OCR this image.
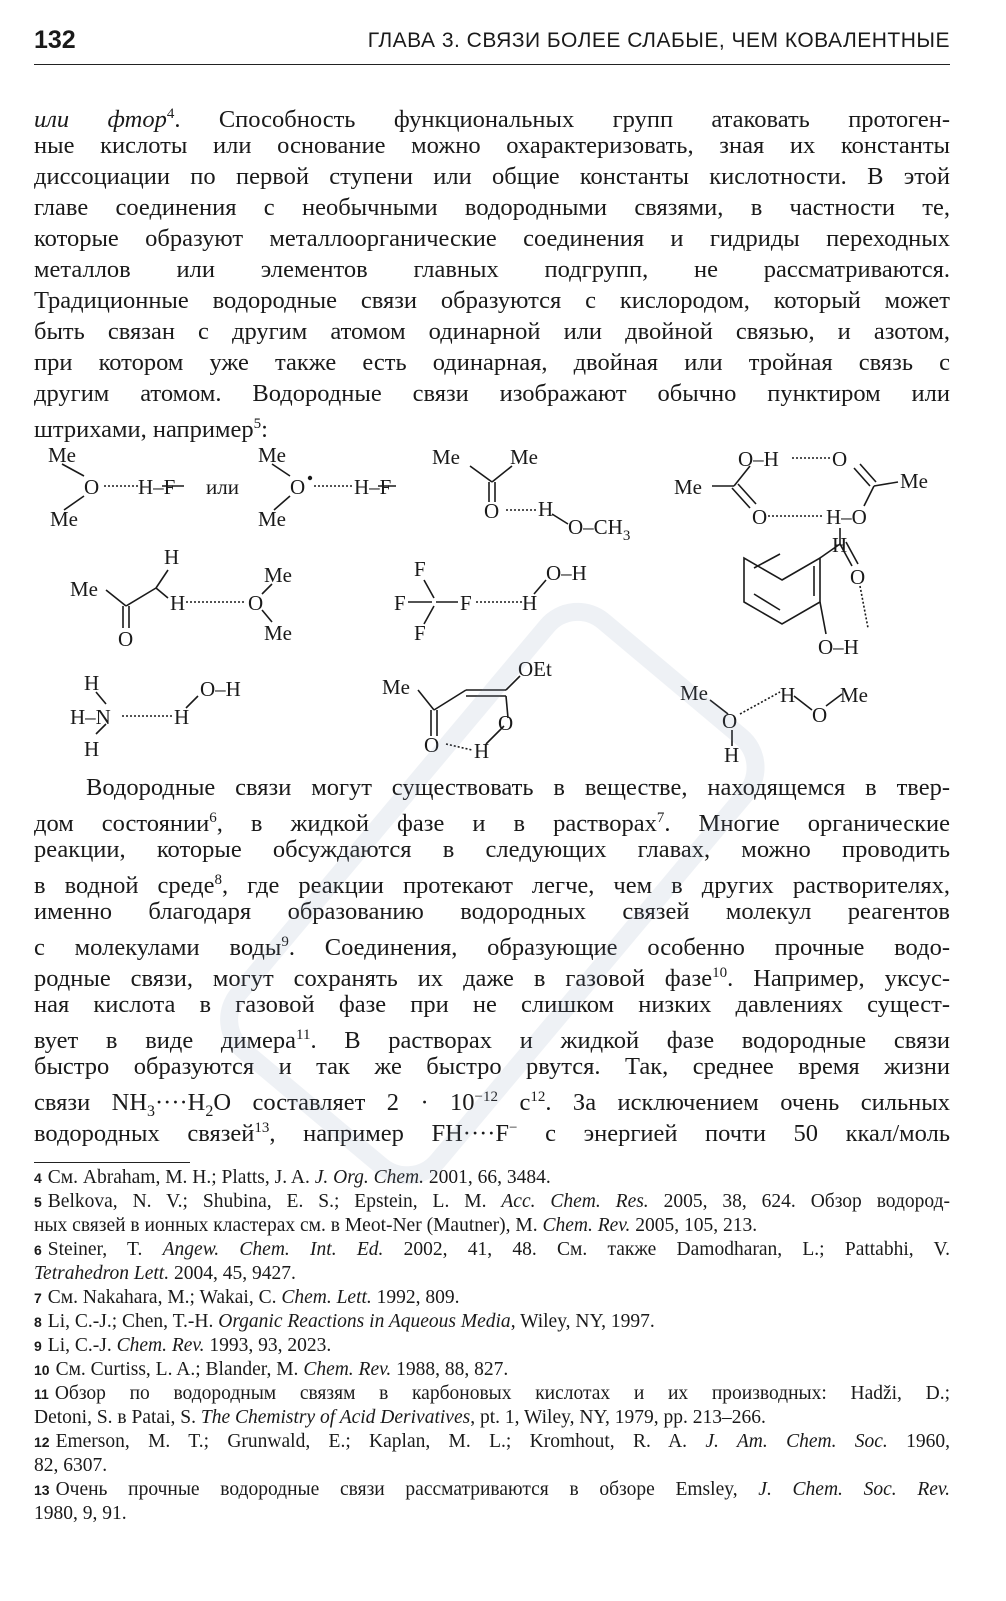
132	ГЛАВА 3. СВЯЗИ БОЛЕЕ СЛАБЫЕ, ЧЕМ КОВАЛЕНТНЫЕ
или фтор$^4$. Способность функциональных групп атаковать протоген-
ные кислоты или основание можно охарактеризовать, зная их константы
диссоциации по первой ступени или общие константы кислотности. В этой
главе соединения с необычными водородными связями, в частности те,
которые образуют металлоорганические соединения и гидриды переходных
металлов или элементов главных подгрупп, не рассматриваются.
Традиционные водородные связи образуются с кислородом, который может
быть связан с другим атомом одинарной или двойной связью, и азотом,
при котором уже также есть одинарная, двойная или тройная связь с
другим атомом. Водородные связи изображают обычно пунктиром или
штрихами, например$^5$:
Me
O H–F
Me
или
Me
O H–F
Me
Me Me
O H
$O-CH_3$
Me
O–H	O
O	H–O
Me
Me
H
H
O
O
Me
Me
F
F
F
F H
O–H
H
O
O–H
H
H–N
H
H
O–H	Me
OEt
O
O
H
Me
O
H
H
O
Me
Водородные связи могут существовать в веществе, находящемся в твер-
дом состоянии$^6$, в жидкой фазе и в растворах$^7$. Многие органические
реакции, которые обсуждаются в следующих главах, можно проводить
в водной среде$^8$, где реакции протекают легче, чем в других растворителях,
именно благодаря образованию водородных связей молекул реагентов
с молекулами воды$^9$. Соединения, образующие особенно прочные водо-
родные связи, могут сохранять их даже в газовой фазе$^{10}$. Например, уксус-
ная кислота в газовой фазе при не слишком низких давлениях сущест-
вует в виде димера$^{11}$. В растворах и жидкой фазе водородные связи
быстро образуются и так же быстро рвутся. Так, среднее время жизни
связи $NH_3\cdot\cdot\cdot\cdot H_2O$ составляет $2 \cdot 10^{-12}$ $с^{12}$. За исключением очень сильных
водородных связей$^{13}$, например FH····F− с энергией почти 50 ккал/моль
4 См. Abraham, M. H.; Platts, J. A. J. Org. Chem. 2001, 66, 3484.
5 Belkova, N. V.; Shubina, E. S.; Epstein, L. M. Acc. Chem. Res. 2005, 38, 624. Обзор водород-
ных связей в ионных кластерах см. в Meot-Ner (Mautner), M. Chem. Rev. 2005, 105, 213.
6 Steiner, T. Angew. Chem. Int. Ed. 2002, 41, 48. См. также Damodharan, L.; Pattabhi, V.
Tetrahedron Lett. 2004, 45, 9427.
7 См. Nakahara, M.; Wakai, C. Chem. Lett. 1992, 809.
8 Li, C.-J.; Chen, T.-H. Organic Reactions in Aqueous Media, Wiley, NY, 1997.
9 Li, C.-J. Chem. Rev. 1993, 93, 2023.
10 См. Curtiss, L. A.; Blander, M. Chem. Rev. 1988, 88, 827.
11 Обзор по водородным связям в карбоновых кислотах и их производных: Hadži, D.;
Detoni, S. в Patai, S. The Chemistry of Acid Derivatives, pt. 1, Wiley, NY, 1979, pp. 213–266.
12 Emerson, M. T.; Grunwald, E.; Kaplan, M. L.; Kromhout, R. A. J. Am. Chem. Soc. 1960,
82, 6307.
13 Очень прочные водородные связи рассматриваются в обзоре Emsley, J. Chem. Soc. Rev.
1980, 9, 91.
